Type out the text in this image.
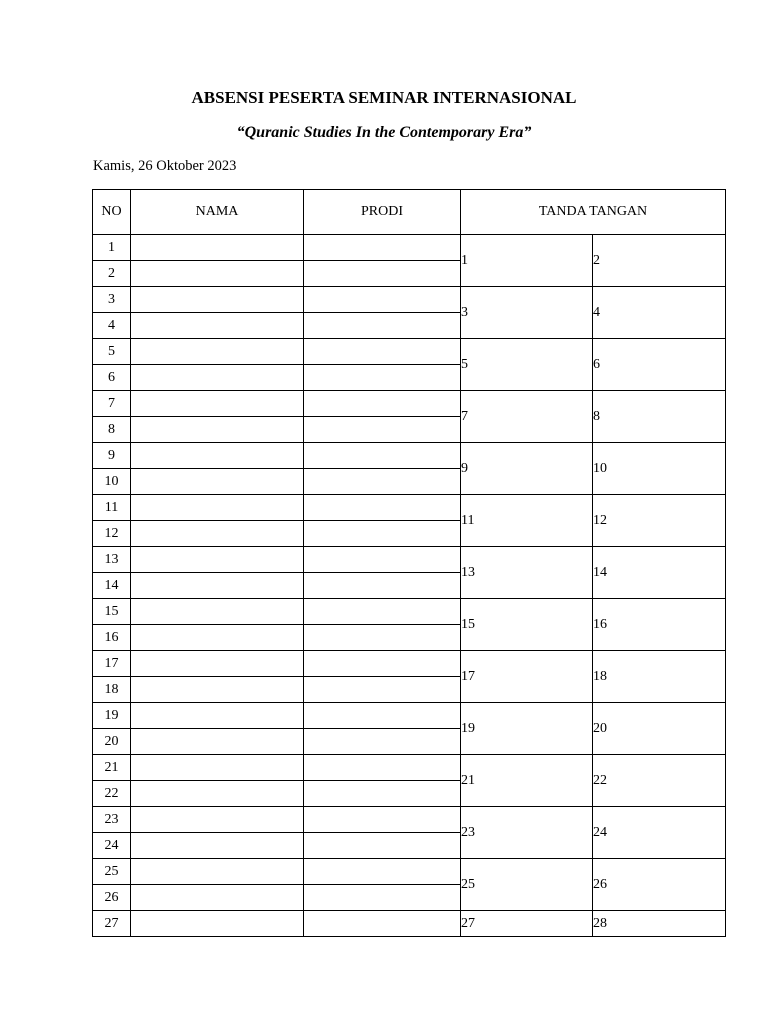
ABSENSI PESERTA SEMINAR INTERNASIONAL

“Quranic Studies In the Contemporary Era”

Kamis, 26 Oktober 2023

NO	NAMA	PRODI	TANDA TANGAN	
1			1	2
2				
3			3	4
4				
5			5	6
6				
7			7	8
8				
9			9	10
10				
11			11	12
12				
13			13	14
14				
15			15	16
16				
17			17	18
18				
19			19	20
20				
21			21	22
22				
23			23	24
24				
25			25	26
26				
27			27	28
